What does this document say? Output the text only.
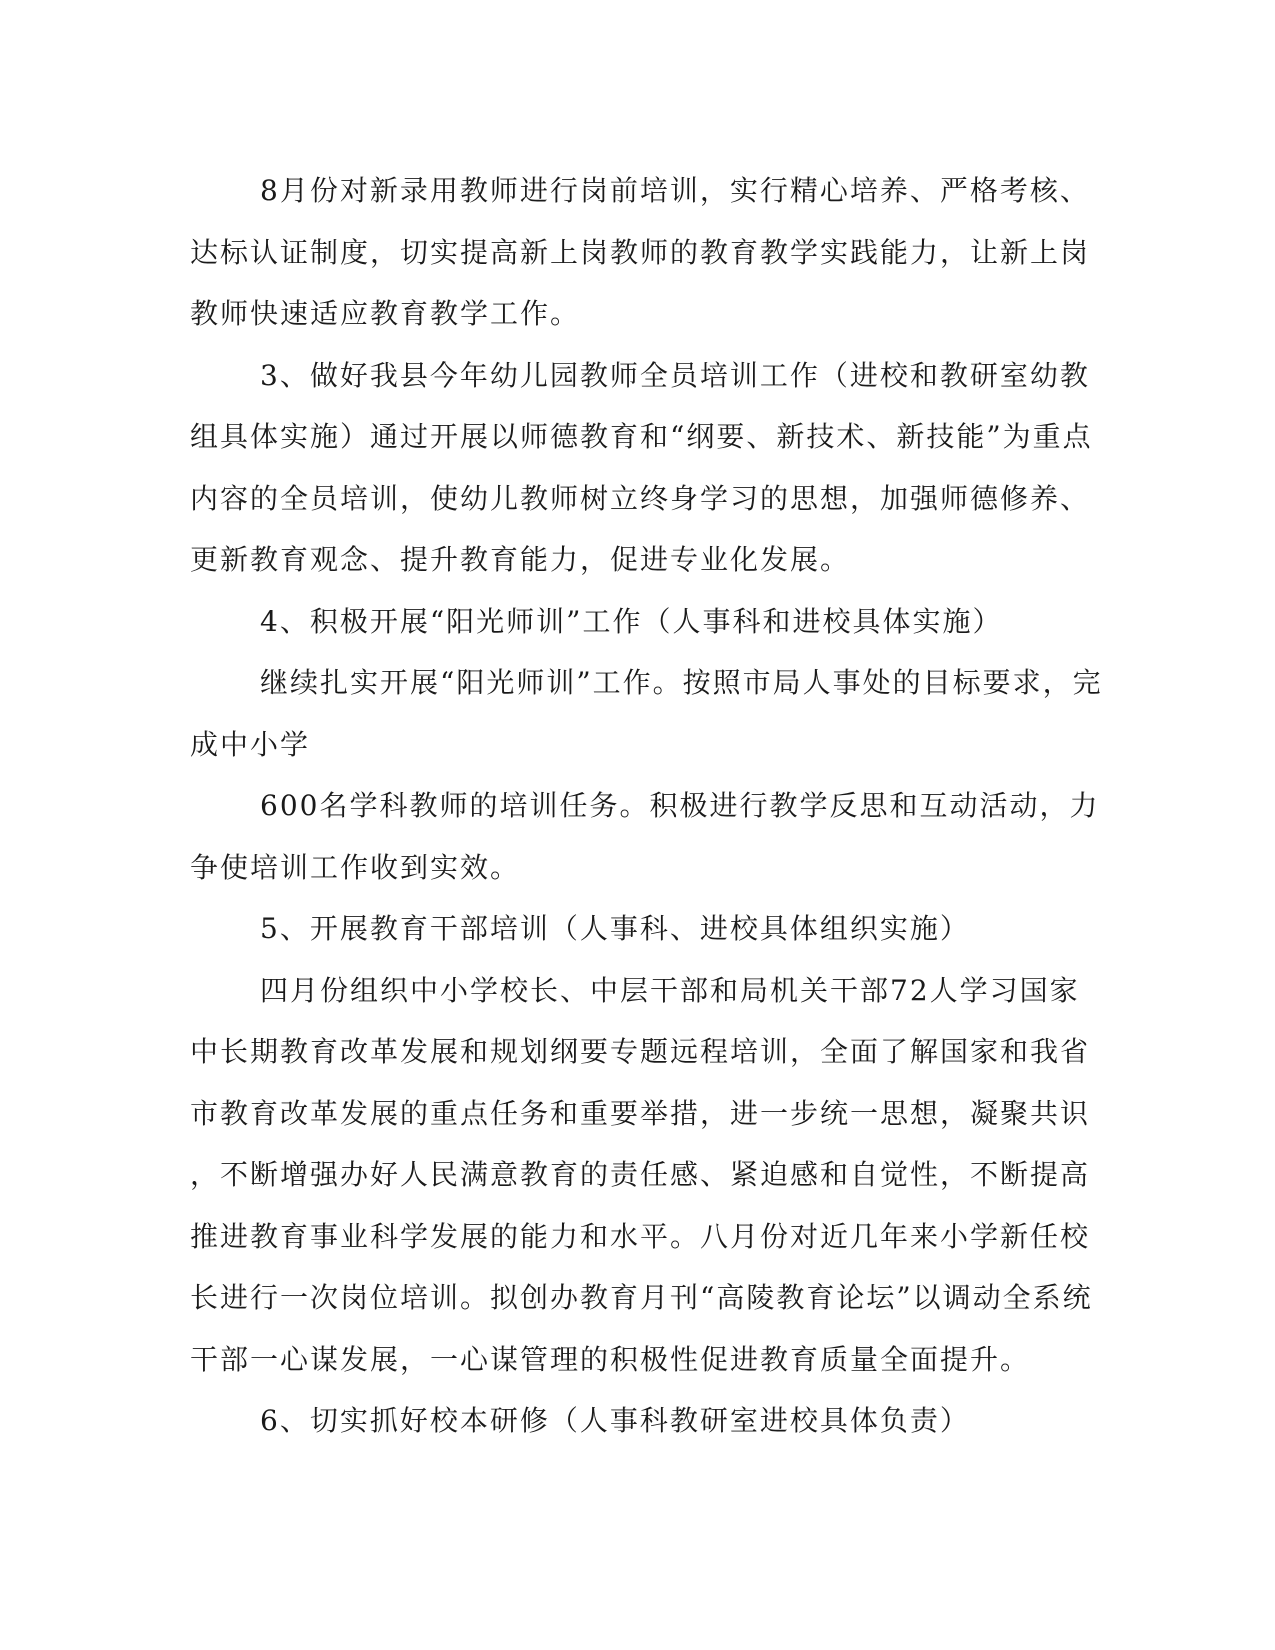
8月份对新录用教师进行岗前培训，实行精心培养、严格考核、
达标认证制度，切实提高新上岗教师的教育教学实践能力，让新上岗
教师快速适应教育教学工作。
3、做好我县今年幼儿园教师全员培训工作（进校和教研室幼教
组具体实施）通过开展以师德教育和“纲要、新技术、新技能”为重点
内容的全员培训，使幼儿教师树立终身学习的思想，加强师德修养、
更新教育观念、提升教育能力，促进专业化发展。
4、积极开展“阳光师训”工作（人事科和进校具体实施）
继续扎实开展“阳光师训”工作。按照市局人事处的目标要求，完
成中小学
600名学科教师的培训任务。积极进行教学反思和互动活动，力
争使培训工作收到实效。
5、开展教育干部培训（人事科、进校具体组织实施）
四月份组织中小学校长、中层干部和局机关干部72人学习国家
中长期教育改革发展和规划纲要专题远程培训，全面了解国家和我省
市教育改革发展的重点任务和重要举措，进一步统一思想，凝聚共识
，不断增强办好人民满意教育的责任感、紧迫感和自觉性，不断提高
推进教育事业科学发展的能力和水平。八月份对近几年来小学新任校
长进行一次岗位培训。拟创办教育月刊“高陵教育论坛”以调动全系统
干部一心谋发展，一心谋管理的积极性促进教育质量全面提升。
6、切实抓好校本研修（人事科教研室进校具体负责）
